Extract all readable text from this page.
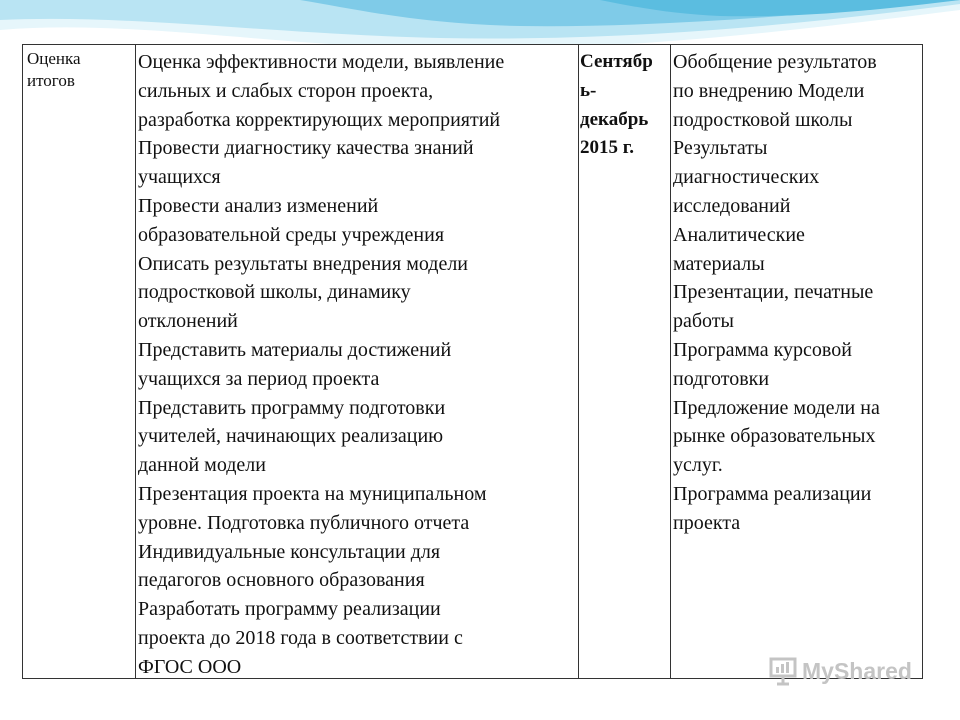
Оценка
итогов
Оценка эффективности модели, выявление
сильных и слабых сторон проекта,
разработка корректирующих мероприятий
Провести диагностику качества знаний
учащихся
Провести анализ изменений
образовательной среды учреждения
Описать результаты внедрения модели
подростковой школы, динамику
отклонений
Представить материалы достижений
учащихся за период проекта
Представить программу подготовки
учителей, начинающих реализацию
данной модели
Презентация проекта на муниципальном
уровне. Подготовка публичного отчета
Индивидуальные консультации для
педагогов основного образования
Разработать программу реализации
проекта до 2018 года в соответствии с
ФГОС ООО
Сентябр
ь-
декабрь
2015 г.
Обобщение результатов
по внедрению Модели
подростковой школы
Результаты
диагностических
исследований
Аналитические
материалы
Презентации, печатные
работы
Программа курсовой
подготовки
Предложение модели на
рынке образовательных
услуг.
Программа реализации
проекта
MyShared
